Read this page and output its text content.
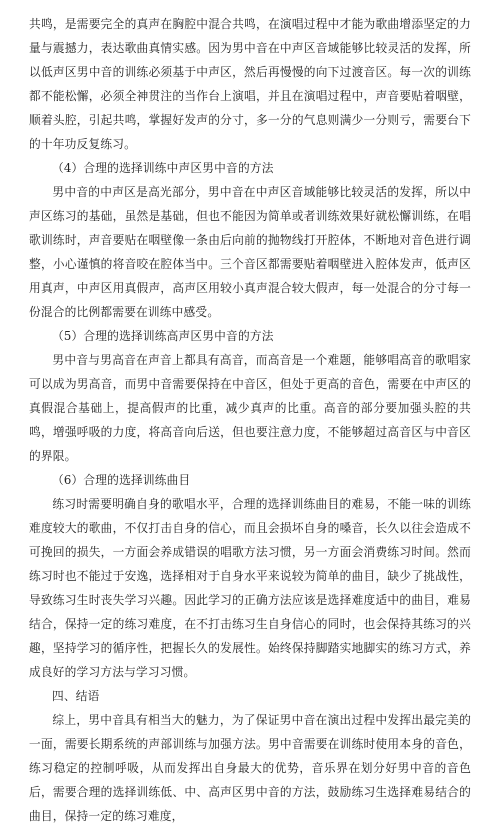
共鸣，是需要完全的真声在胸腔中混合共鸣，在演唱过程中才能为歌曲增添坚定的力量与震撼力，表达歌曲真情实感。因为男中音在中声区音域能够比较灵活的发挥，所以低声区男中音的训练必须基于中声区，然后再慢慢的向下过渡音区。每一次的训练都不能松懈，必须全神贯注的当作台上演唱，并且在演唱过程中，声音要贴着咽壁，顺着头腔，引起共鸣，掌握好发声的分寸，多一分的气息则满少一分则亏，需要台下的十年功反复练习。

（4）合理的选择训练中声区男中音的方法

男中音的中声区是高光部分，男中音在中声区音域能够比较灵活的发挥，所以中声区练习的基础，虽然是基础，但也不能因为简单或者训练效果好就松懈训练，在唱歌训练时，声音要贴在咽壁像一条由后向前的抛物线打开腔体，不断地对音色进行调整，小心谨慎的将音咬在腔体当中。三个音区都需要贴着咽壁进入腔体发声，低声区用真声，中声区用真假声，高声区用较小真声混合较大假声，每一处混合的分寸每一份混合的比例都需要在训练中感受。

（5）合理的选择训练高声区男中音的方法

男中音与男高音在声音上都具有高音，而高音是一个难题，能够唱高音的歌唱家可以成为男高音，而男中音需要保持在中音区，但处于更高的音色，需要在中声区的真假混合基础上，提高假声的比重，减少真声的比重。高音的部分要加强头腔的共鸣，增强呼吸的力度，将高音向后送，但也要注意力度，不能够超过高音区与中音区的界限。

（6）合理的选择训练曲目

练习时需要明确自身的歌唱水平，合理的选择训练曲目的难易，不能一味的训练难度较大的歌曲，不仅打击自身的信心，而且会损坏自身的嗓音，长久以往会造成不可挽回的损失，一方面会养成错误的唱歌方法习惯，另一方面会消费练习时间。然而练习时也不能过于安逸，选择相对于自身水平来说较为简单的曲目，缺少了挑战性，导致练习生时丧失学习兴趣。因此学习的正确方法应该是选择难度适中的曲目，难易结合，保持一定的练习难度，在不打击练习生自身信心的同时，也会保持其练习的兴趣，坚持学习的循序性，把握长久的发展性。始终保持脚踏实地脚实的练习方式，养成良好的学习方法与学习习惯。

四、结语

综上，男中音具有相当大的魅力，为了保证男中音在演出过程中发挥出最完美的一面，需要长期系统的声部训练与加强方法。男中音需要在训练时使用本身的音色，练习稳定的控制呼吸，从而发挥出自身最大的优势，音乐界在划分好男中音的音色后，需要合理的选择训练低、中、高声区男中音的方法，鼓励练习生选择难易结合的曲目，保持一定的练习难度，
